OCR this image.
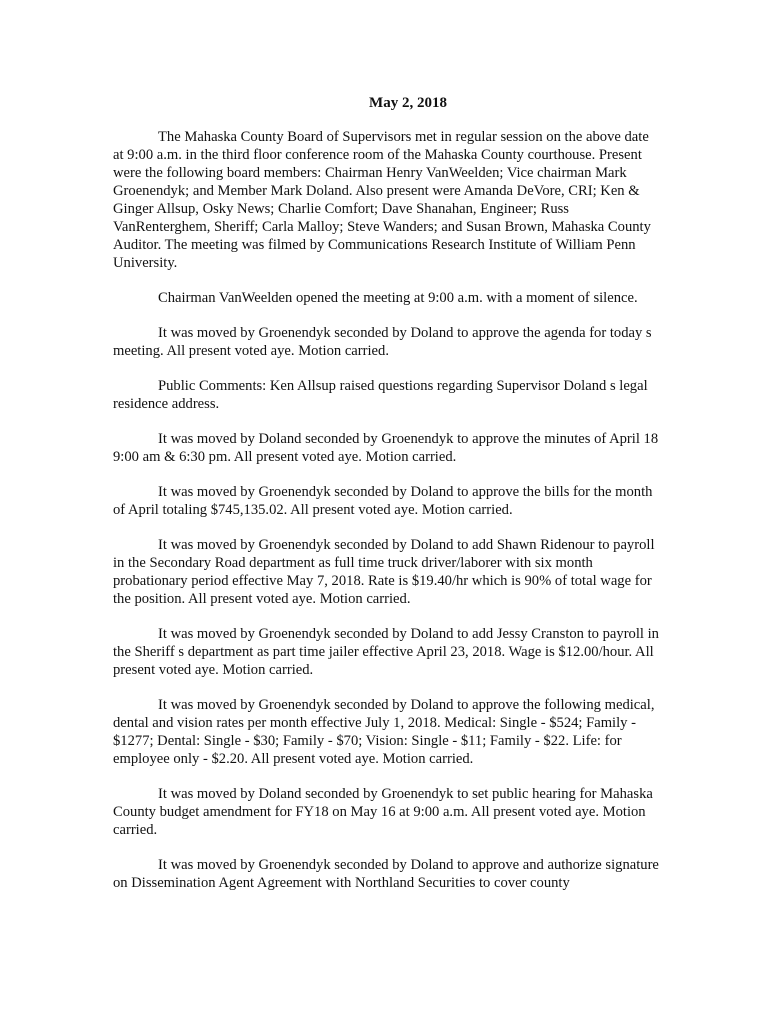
May 2, 2018

The Mahaska County Board of Supervisors met in regular session on the above date at 9:00 a.m. in the third floor conference room of the Mahaska County courthouse. Present were the following board members: Chairman Henry VanWeelden; Vice chairman Mark Groenendyk; and Member Mark Doland. Also present were Amanda DeVore, CRI; Ken & Ginger Allsup, Osky News; Charlie Comfort; Dave Shanahan, Engineer; Russ VanRenterghem, Sheriff; Carla Malloy; Steve Wanders; and Susan Brown, Mahaska County Auditor. The meeting was filmed by Communications Research Institute of William Penn University.

Chairman VanWeelden opened the meeting at 9:00 a.m. with a moment of silence.

It was moved by Groenendyk seconded by Doland to approve the agenda for today s meeting. All present voted aye. Motion carried.

Public Comments: Ken Allsup raised questions regarding Supervisor Doland s legal residence address.

It was moved by Doland seconded by Groenendyk to approve the minutes of April 18 9:00 am & 6:30 pm. All present voted aye. Motion carried.

It was moved by Groenendyk seconded by Doland to approve the bills for the month of April totaling $745,135.02. All present voted aye. Motion carried.

It was moved by Groenendyk seconded by Doland to add Shawn Ridenour to payroll in the Secondary Road department as full time truck driver/laborer with six month probationary period effective May 7, 2018. Rate is $19.40/hr which is 90% of total wage for the position. All present voted aye. Motion carried.

It was moved by Groenendyk seconded by Doland to add Jessy Cranston to payroll in the Sheriff s department as part time jailer effective April 23, 2018. Wage is $12.00/hour. All present voted aye. Motion carried.

It was moved by Groenendyk seconded by Doland to approve the following medical, dental and vision rates per month effective July 1, 2018. Medical: Single - $524; Family - $1277; Dental: Single - $30; Family - $70; Vision: Single - $11; Family - $22. Life: for employee only - $2.20. All present voted aye. Motion carried.

It was moved by Doland seconded by Groenendyk to set public hearing for Mahaska County budget amendment for FY18 on May 16 at 9:00 a.m. All present voted aye. Motion carried.

It was moved by Groenendyk seconded by Doland to approve and authorize signature on Dissemination Agent Agreement with Northland Securities to cover county
